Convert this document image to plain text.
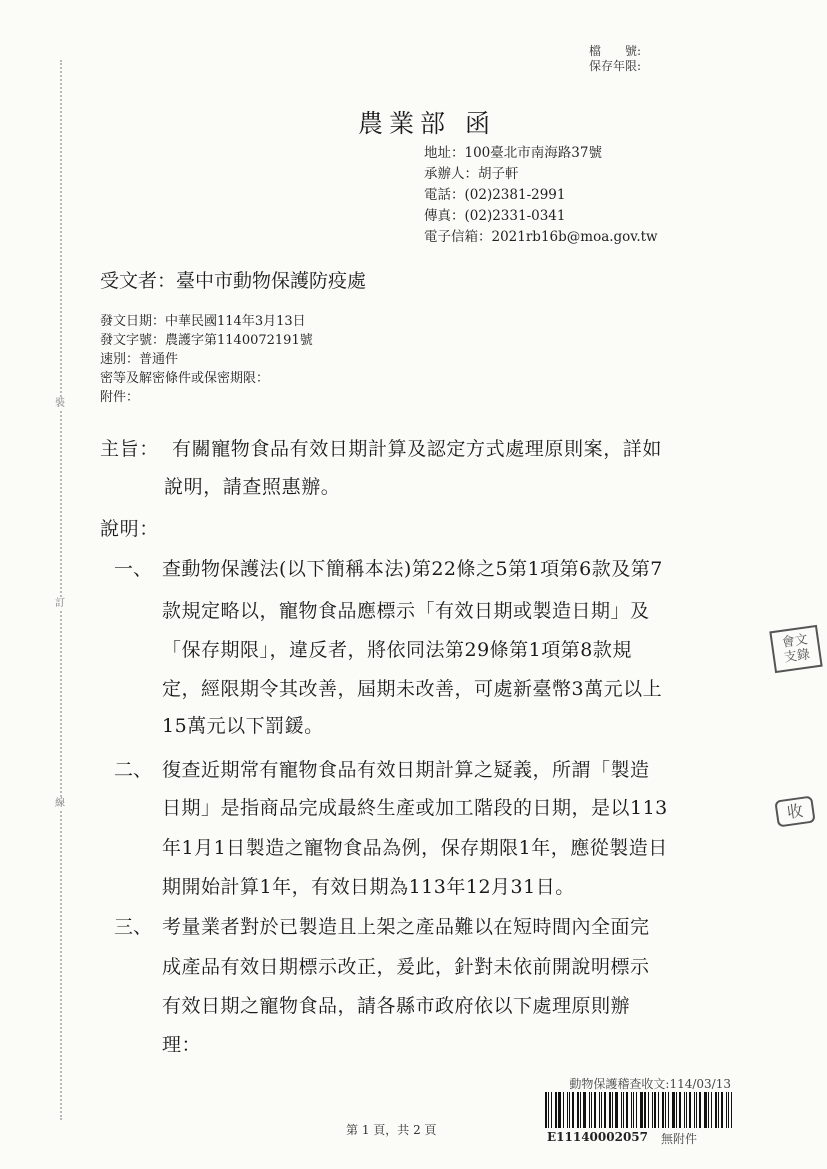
裝
訂
線
檔　　號:
保存年限:
農業部 函
地址：100臺北市南海路37號
承辦人：胡子軒
電話：(02)2381-2991
傳真：(02)2331-0341
電子信箱：2021rb16b@moa.gov.tw
受文者：臺中市動物保護防疫處
發文日期：中華民國114年3月13日
發文字號：農護字第1140072191號
速別：普通件
密等及解密條件或保密期限：
附件：
主旨： 有關寵物食品有效日期計算及認定方式處理原則案，詳如
說明，請查照惠辦。
說明：
一、 查動物保護法(以下簡稱本法)第22條之5第1項第6款及第7
款規定略以，寵物食品應標示「有效日期或製造日期」及
「保存期限」，違反者，將依同法第29條第1項第8款規
定，經限期令其改善，屆期未改善，可處新臺幣3萬元以上
15萬元以下罰鍰。
二、 復查近期常有寵物食品有效日期計算之疑義，所謂「製造
日期」是指商品完成最終生產或加工階段的日期，是以113
年1月1日製造之寵物食品為例，保存期限1年，應從製造日
期開始計算1年，有效日期為113年12月31日。
三、 考量業者對於已製造且上架之產品難以在短時間內全面完
成產品有效日期標示改正，爰此，針對未依前開說明標示
有效日期之寵物食品，請各縣市政府依以下處理原則辦
理：
會文
支錄
收
動物保護稽查收文:114/03/13
E11140002057 無附件
第 1 頁，共 2 頁
